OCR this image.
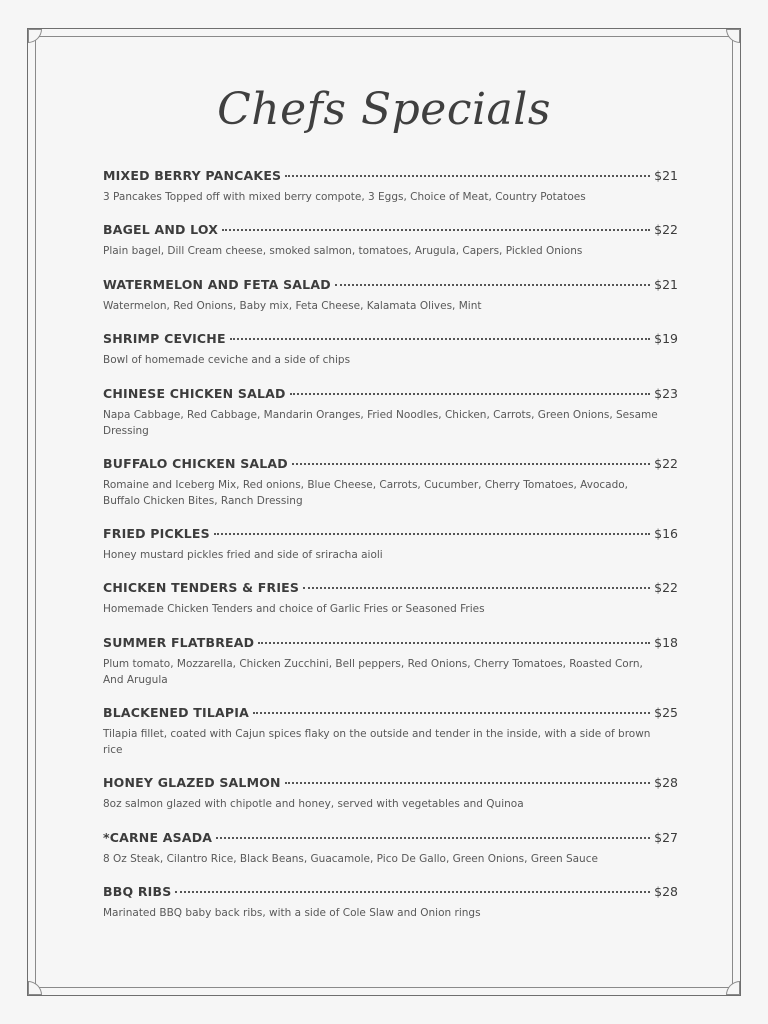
Chefs Specials
MIXED BERRY PANCAKES	$21
3 Pancakes Topped off with mixed berry compote, 3 Eggs, Choice of Meat, Country Potatoes
BAGEL AND LOX	$22
Plain bagel, Dill Cream cheese, smoked salmon, tomatoes, Arugula, Capers, Pickled Onions
WATERMELON AND FETA SALAD	$21
Watermelon, Red Onions, Baby mix, Feta Cheese, Kalamata Olives, Mint
SHRIMP CEVICHE	$19
Bowl of homemade ceviche and a side of chips
CHINESE CHICKEN SALAD	$23
Napa Cabbage, Red Cabbage, Mandarin Oranges, Fried Noodles, Chicken, Carrots, Green Onions, Sesame Dressing
BUFFALO CHICKEN SALAD	$22
Romaine and Iceberg Mix, Red onions, Blue Cheese, Carrots, Cucumber, Cherry Tomatoes, Avocado, Buffalo Chicken Bites, Ranch Dressing
FRIED PICKLES	$16
Honey mustard pickles fried and side of sriracha aioli
CHICKEN TENDERS & FRIES	$22
Homemade Chicken Tenders and choice of Garlic Fries or Seasoned Fries
SUMMER FLATBREAD	$18
Plum tomato, Mozzarella, Chicken Zucchini, Bell peppers, Red Onions, Cherry Tomatoes, Roasted Corn, And Arugula
BLACKENED TILAPIA	$25
Tilapia fillet, coated with Cajun spices flaky on the outside and tender in the inside, with a side of brown rice
HONEY GLAZED SALMON	$28
8oz salmon glazed with chipotle and honey, served with vegetables and Quinoa
*CARNE ASADA	$27
8 Oz Steak, Cilantro Rice, Black Beans, Guacamole, Pico De Gallo, Green Onions, Green Sauce
BBQ RIBS	$28
Marinated BBQ baby back ribs, with a side of Cole Slaw and Onion rings
